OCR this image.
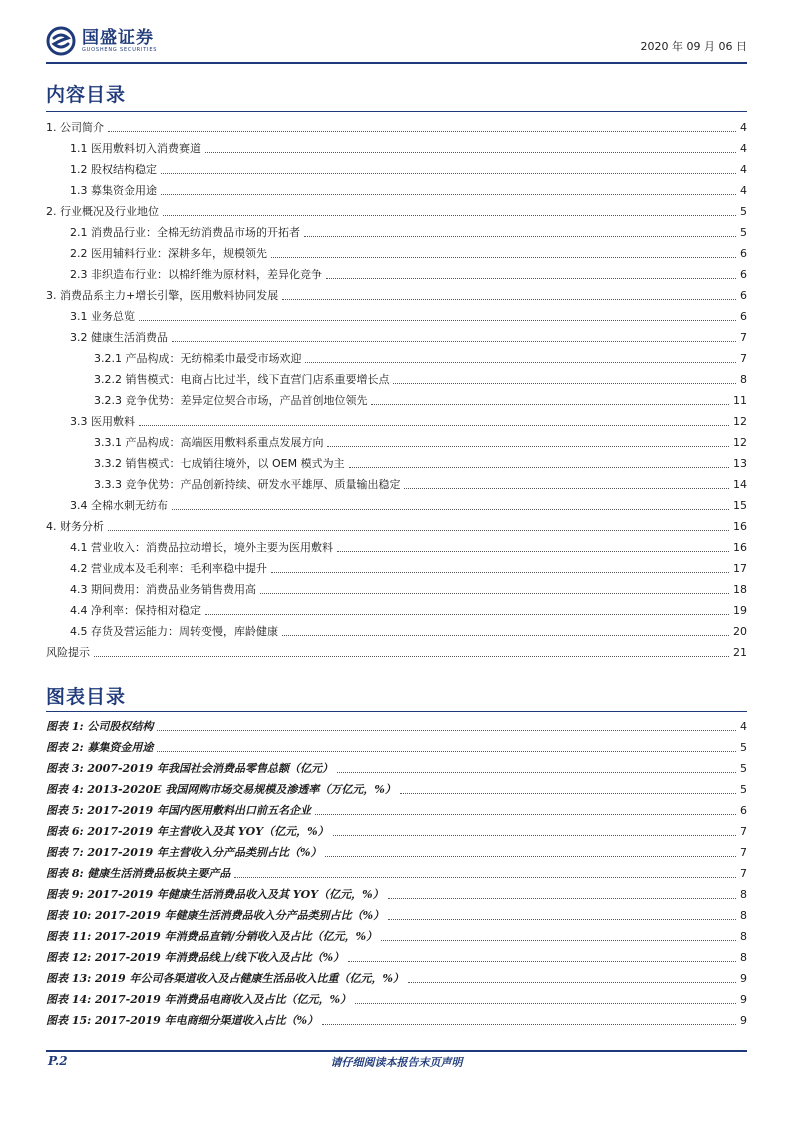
国盛证券
GUOSHENG SECURITIES	2020 年 09 月 06 日
内容目录
1. 公司简介	4
1.1 医用敷料切入消费赛道	4
1.2 股权结构稳定	4
1.3 募集资金用途	4
2. 行业概况及行业地位	5
2.1 消费品行业：全棉无纺消费品市场的开拓者	5
2.2 医用辅料行业：深耕多年，规模领先	6
2.3 非织造布行业：以棉纤维为原材料，差异化竞争	6
3. 消费品系主力+增长引擎，医用敷料协同发展	6
3.1 业务总览	6
3.2 健康生活消费品	7
3.2.1 产品构成：无纺棉柔巾最受市场欢迎	7
3.2.2 销售模式：电商占比过半，线下直营门店系重要增长点	8
3.2.3 竞争优势：差异定位契合市场，产品首创地位领先	11
3.3 医用敷料	12
3.3.1 产品构成：高端医用敷料系重点发展方向	12
3.3.2 销售模式：七成销往境外，以 OEM 模式为主	13
3.3.3 竞争优势：产品创新持续、研发水平雄厚、质量输出稳定	14
3.4 全棉水刺无纺布	15
4. 财务分析	16
4.1 营业收入：消费品拉动增长，境外主要为医用敷料	16
4.2 营业成本及毛利率：毛利率稳中提升	17
4.3 期间费用：消费品业务销售费用高	18
4.4 净利率：保持相对稳定	19
4.5 存货及营运能力：周转变慢，库龄健康	20
风险提示	21
图表目录
图表 1: 公司股权结构	4
图表 2: 募集资金用途	5
图表 3: 2007-2019 年我国社会消费品零售总额（亿元）	5
图表 4: 2013-2020E 我国网购市场交易规模及渗透率（万亿元，%）	5
图表 5: 2017-2019 年国内医用敷料出口前五名企业	6
图表 6: 2017-2019 年主营收入及其 YOY（亿元，%）	7
图表 7: 2017-2019 年主营收入分产品类别占比（%）	7
图表 8: 健康生活消费品板块主要产品	7
图表 9: 2017-2019 年健康生活消费品收入及其 YOY（亿元，%）	8
图表 10: 2017-2019 年健康生活消费品收入分产品类别占比（%）	8
图表 11: 2017-2019 年消费品直销/分销收入及占比（亿元，%）	8
图表 12: 2017-2019 年消费品线上/线下收入及占比（%）	8
图表 13: 2019 年公司各渠道收入及占健康生活品收入比重（亿元，%）	9
图表 14: 2017-2019 年消费品电商收入及占比（亿元，%）	9
图表 15: 2017-2019 年电商细分渠道收入占比（%）	9
P.2	请仔细阅读本报告末页声明
